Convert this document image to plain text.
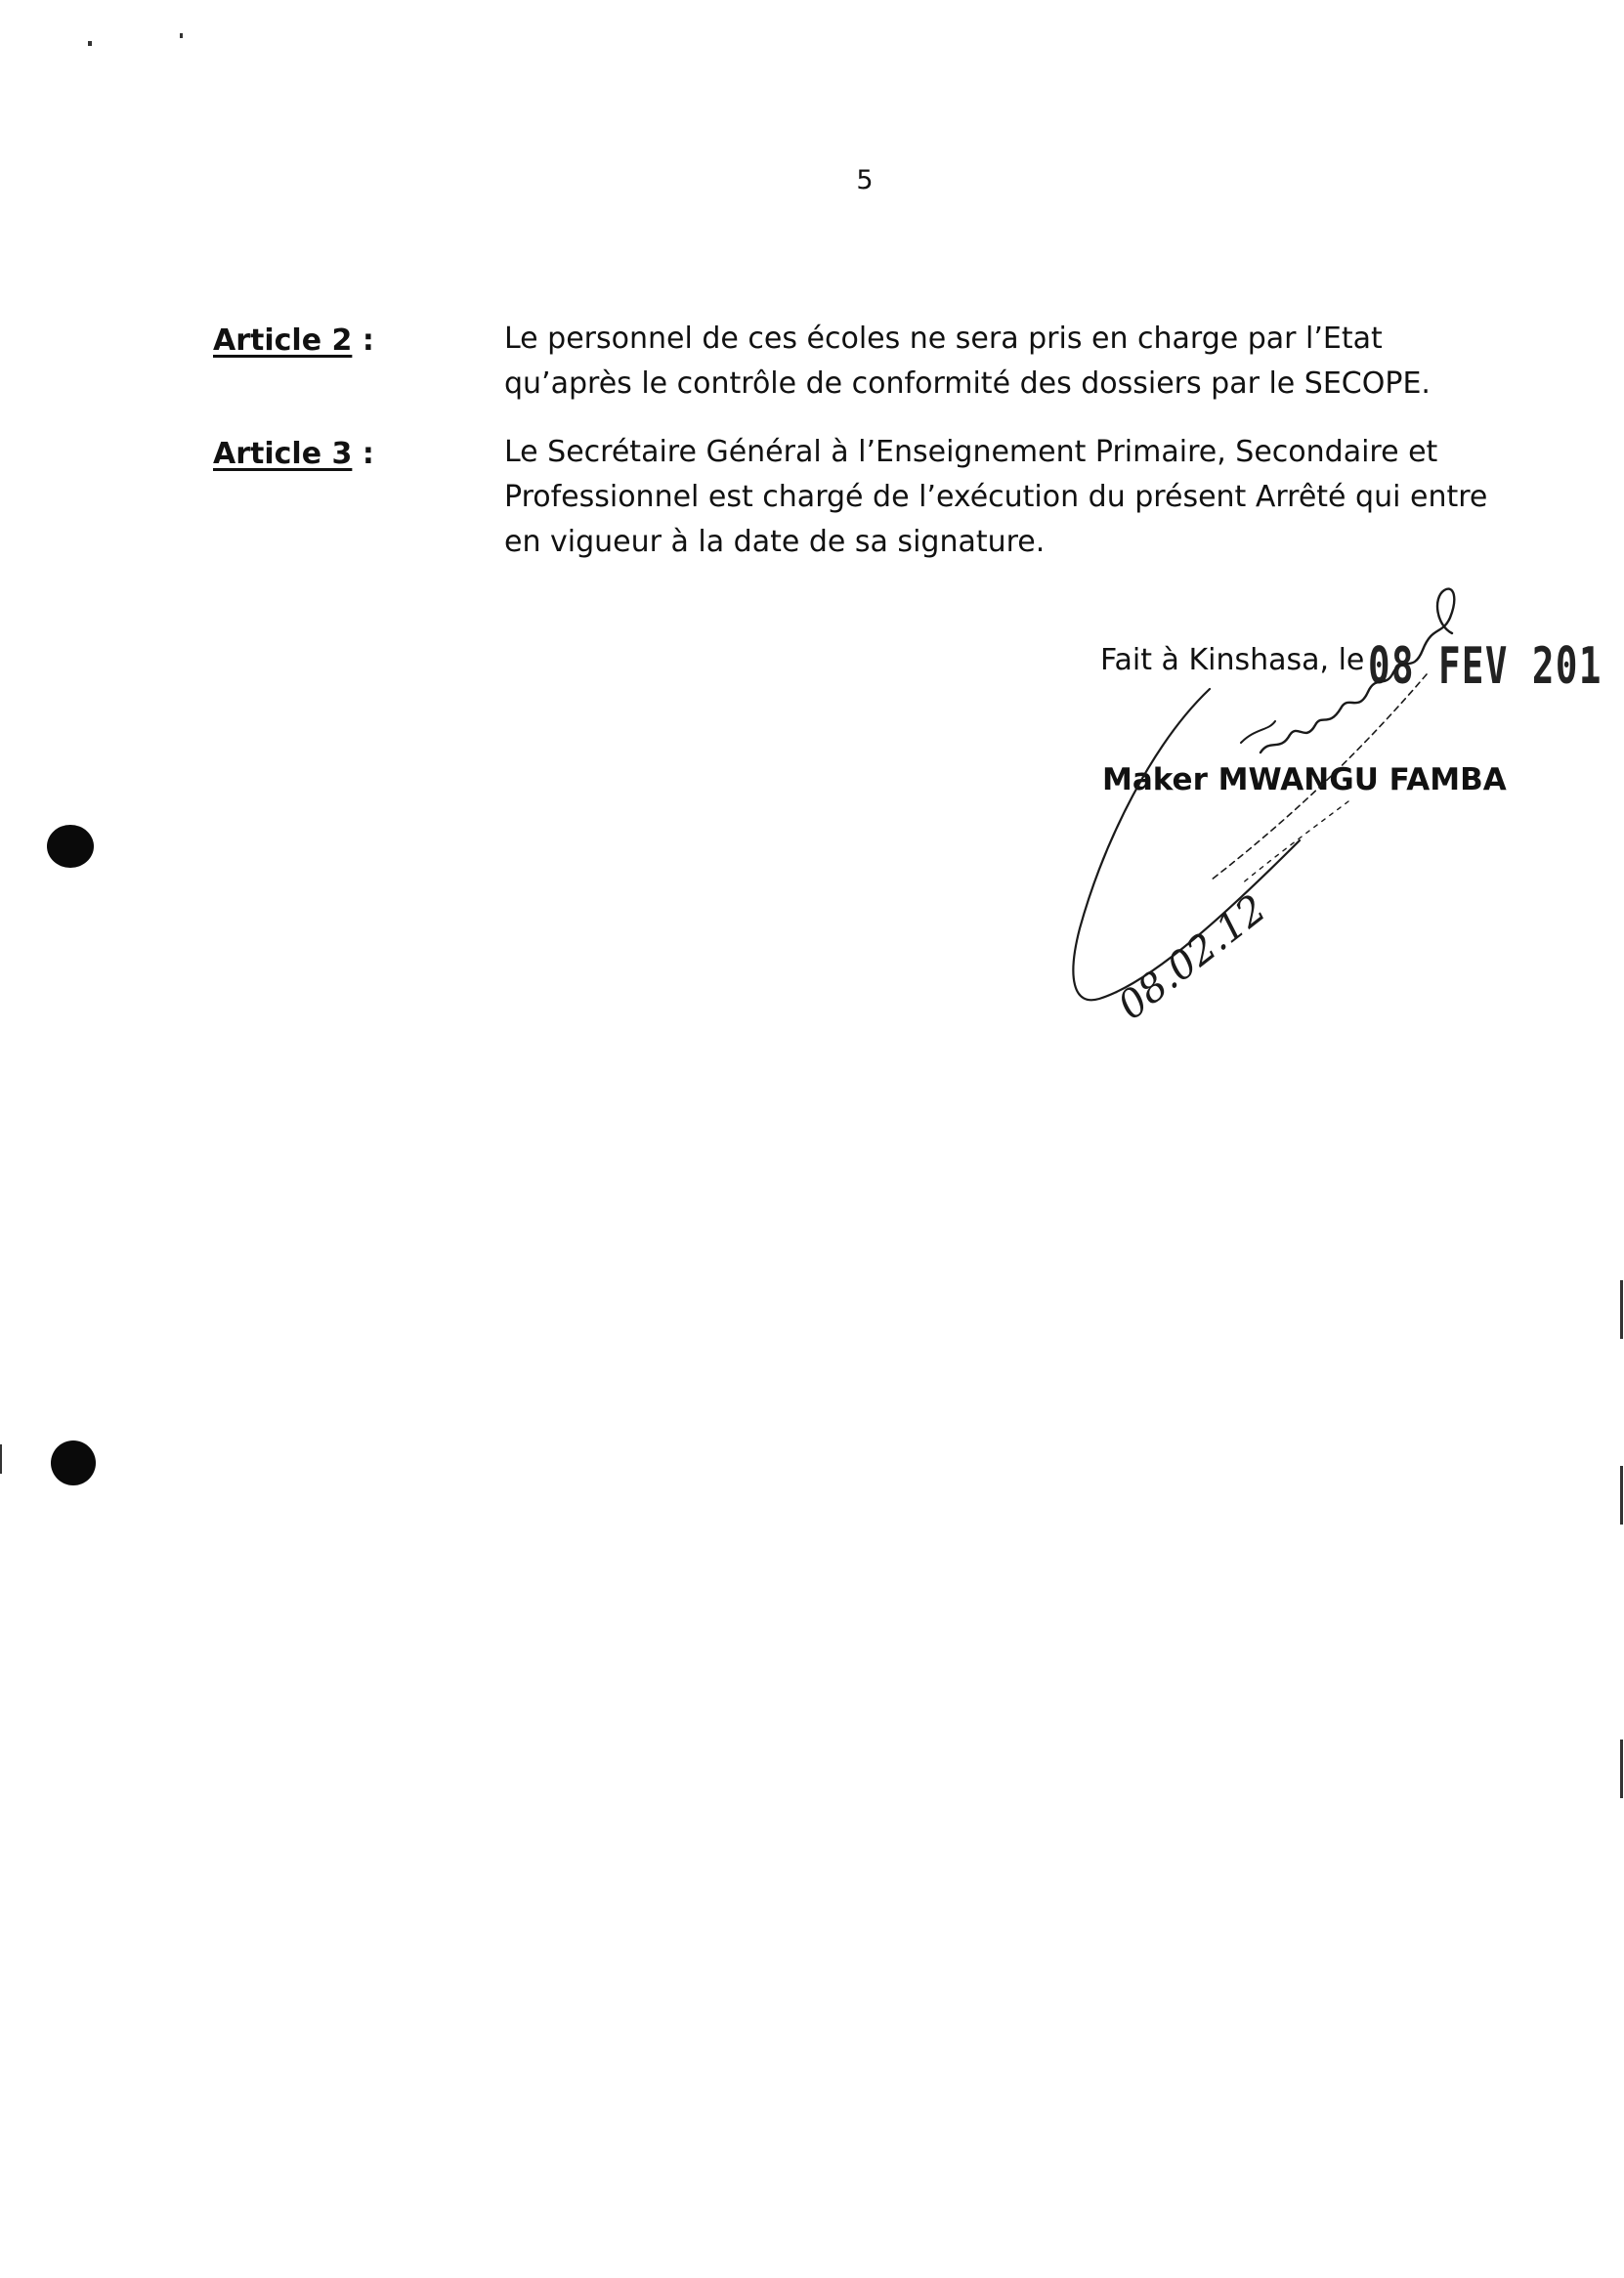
5
Article 2 :	Le personnel de ces écoles ne sera pris en charge par l’Etat
qu’après le contrôle de conformité des dossiers par le SECOPE.
Article 3 :	Le Secrétaire Général à l’Enseignement Primaire, Secondaire et
Professionnel est chargé de l’exécution du présent Arrêté qui entre
en vigueur à la date de sa signature.
Fait à Kinshasa, le 08 FEV 201
Maker MWANGU FAMBA
08.02.12
